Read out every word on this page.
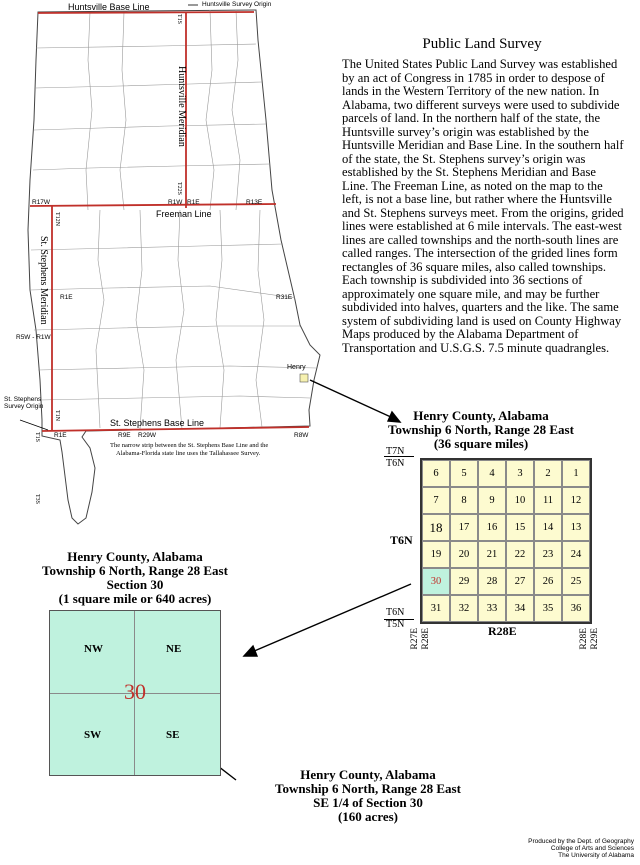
Huntsville Base Line	Huntsville Survey Origin
T1S
Huntsville Meridian
T22S
R17W	R1W R1E	R13E
Freeman Line
T12N
St. Stephens Meridian R1E	R31E
R5W - R1W
Henry
St. Stephens
Survey Origin
T1N
St. Stephens Base Line
T1S R1E	R9E R29W	R8W
The narrow strip between the St. Stephens Base Line and the
Alabama-Florida state line uses the Tallahassee Survey.
T3S
Public Land Survey
The United States Public Land Survey was established by an act of Congress in 1785 in order to despose of lands in the Western Territory of the new nation. In Alabama, two different surveys were used to subdivide parcels of land. In the northern half of the state, the Huntsville survey’s origin was established by the Huntsville Meridian and Base Line. In the southern half of the state, the St. Stephens survey’s origin was established by the St. Stephens Meridian and Base Line. The Freeman Line, as noted on the map to the left, is not a base line, but rather where the Huntsville and St. Stephens surveys meet. From the origins, grided lines were established at 6 mile intervals. The east-west lines are called townships and the north-south lines are called ranges. The intersection of the grided lines form rectangles of 36 square miles, also called townships. Each township is subdivided into 36 sections of approximately one square mile, and may be further subdivided into halves, quarters and the like. The same system of subdividing land is used on County Highway Maps produced by the Alabama Department of Transportation and U.S.G.S. 7.5 minute quadrangles.
Henry County, Alabama
Township 6 North, Range 28 East
(36 square miles)
T7N
T6N
T6N
T6N
T5N	R28E
R28E
R27E	R29E
R28E
6	5	4	3	2	1
7	8	9	10	11	12
18	17	16	15	14	13
19	20	21	22	23	24
30	29	28	27	26	25
31	32	33	34	35	36
Henry County, Alabama
Township 6 North, Range 28 East
Section 30
(1 square mile or 640 acres)
NW	NE
SW	SE
30
Henry County, Alabama
Township 6 North, Range 28 East
SE 1/4 of Section 30
(160 acres)
Produced by the Dept. of Geography
College of Arts and Sciences
The University of Alabama
